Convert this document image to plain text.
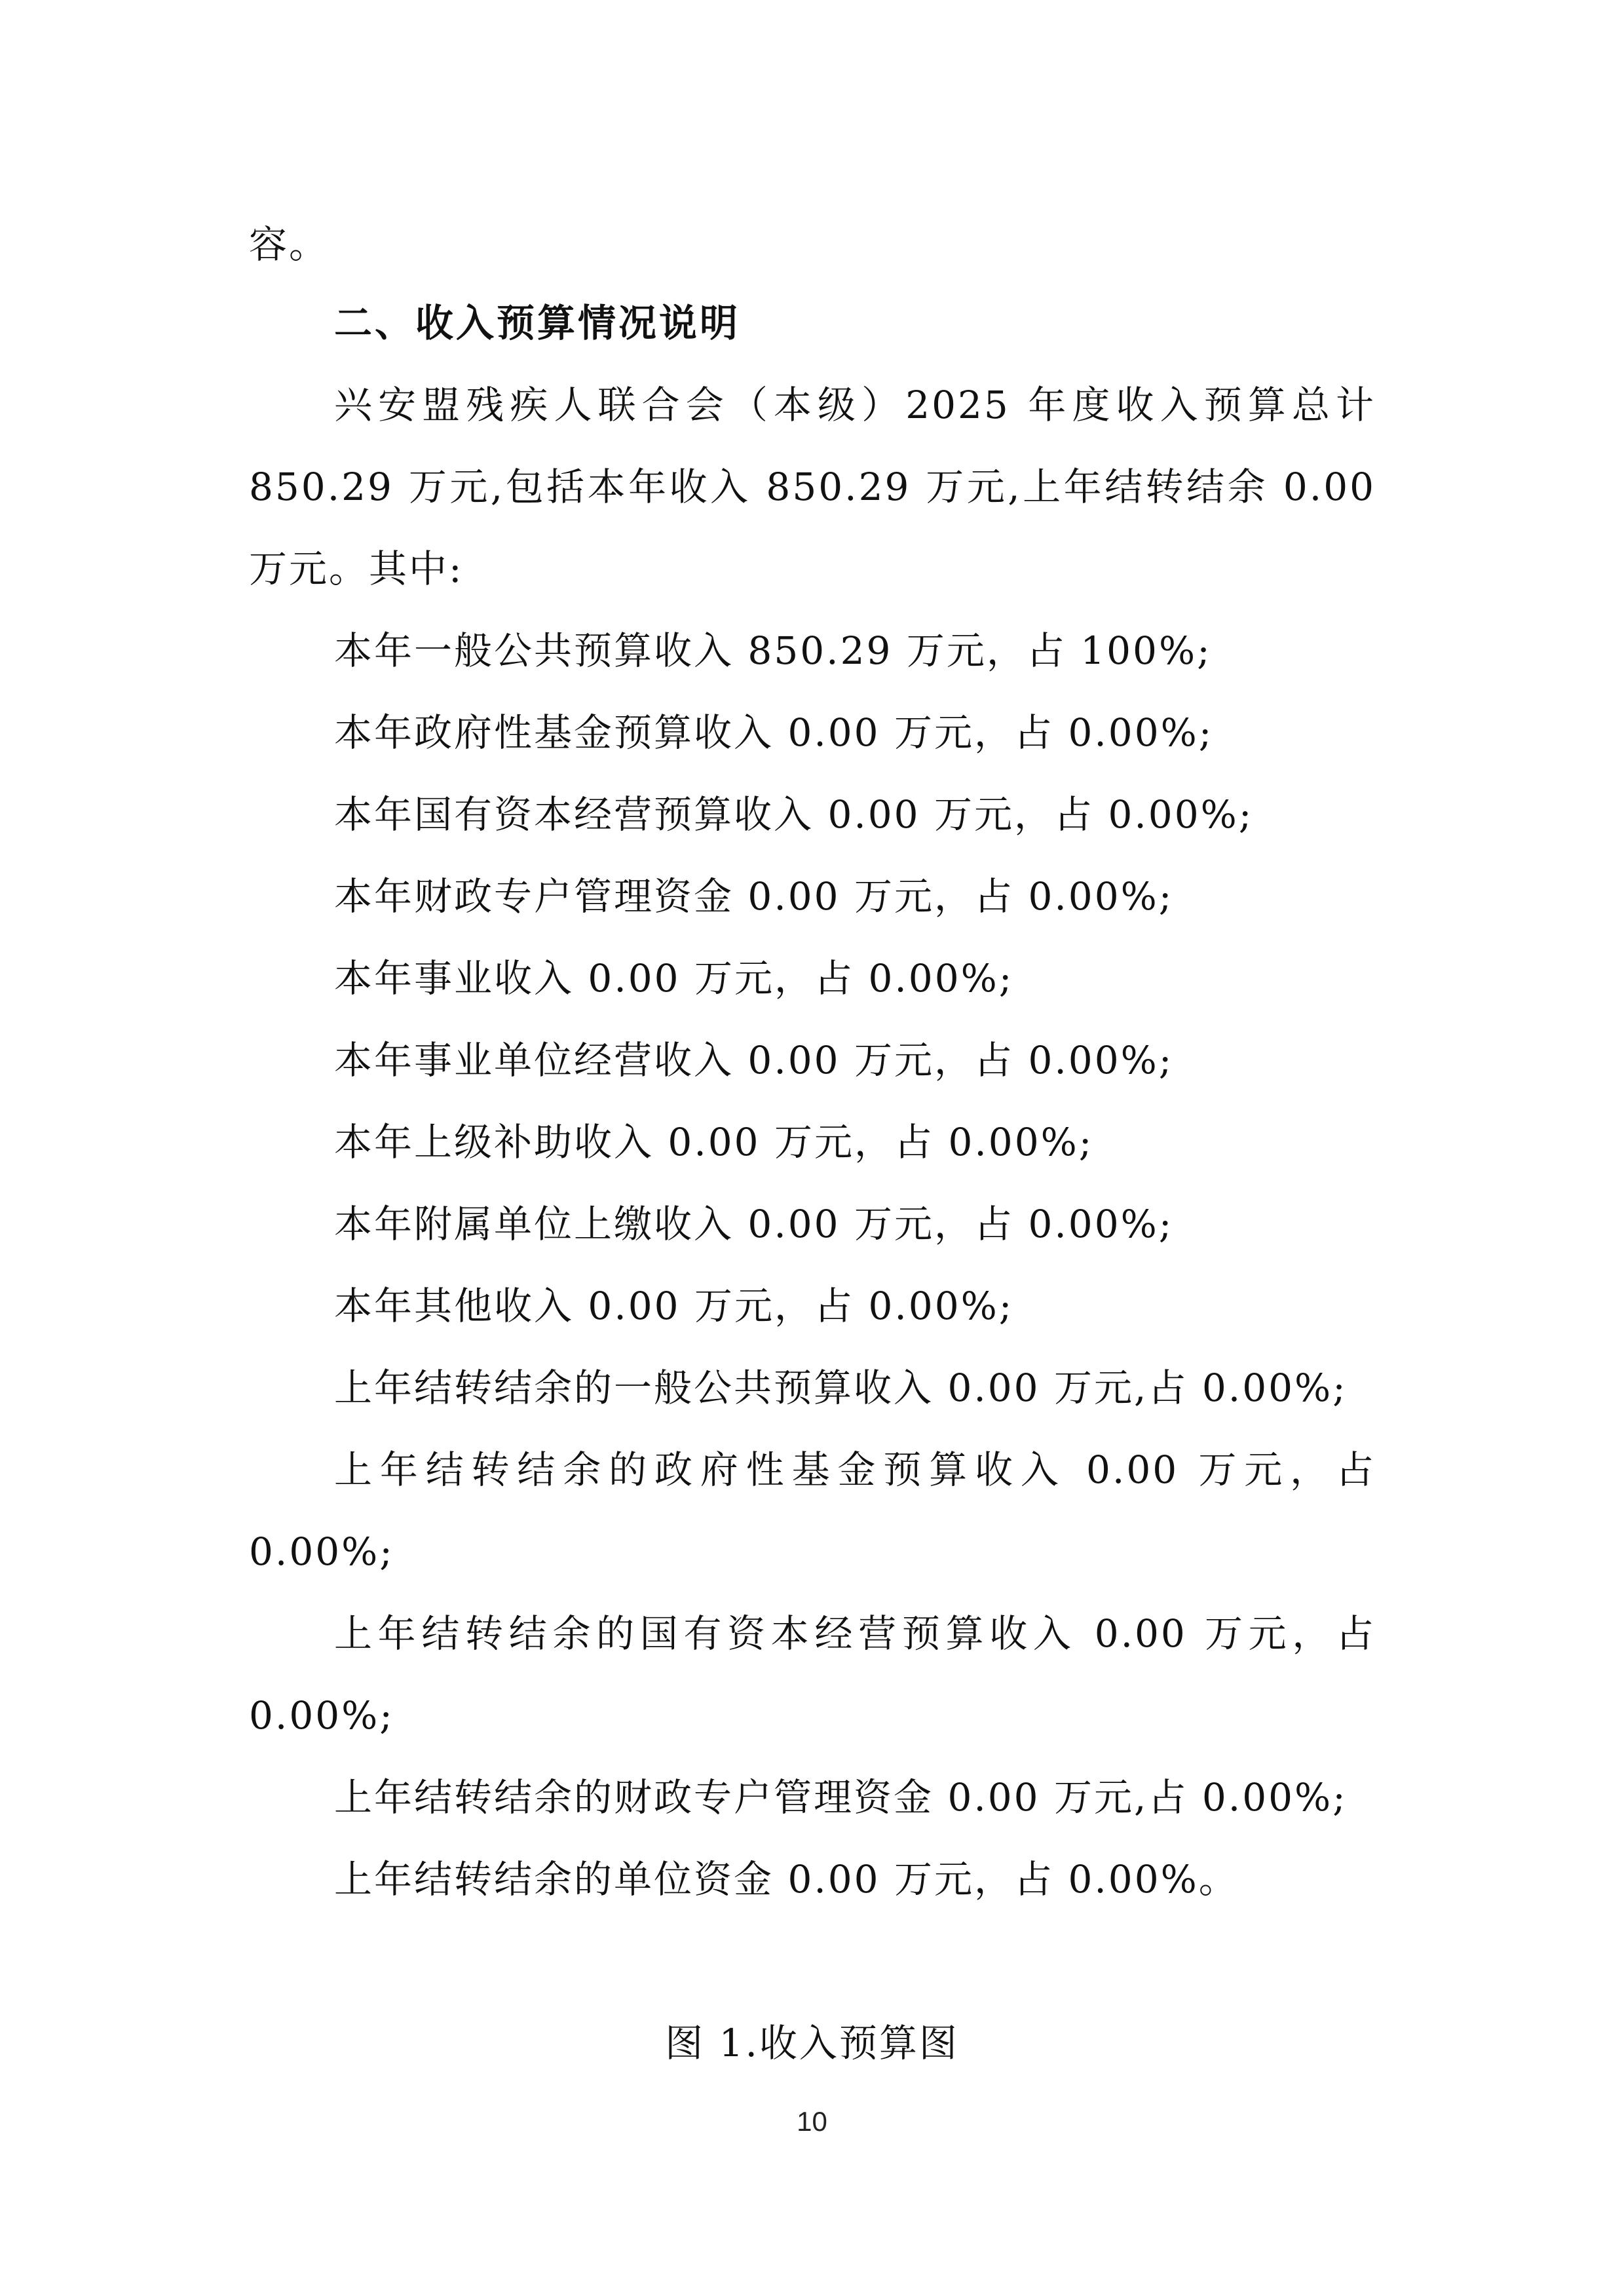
容。
二、收入预算情况说明
兴安盟残疾人联合会（本级）2025 年度收入预算总计
850.29 万元,包括本年收入 850.29 万元,上年结转结余 0.00
万元。其中:
本年一般公共预算收入 850.29 万元，占 100%;
本年政府性基金预算收入 0.00 万元，占 0.00%;
本年国有资本经营预算收入 0.00 万元，占 0.00%;
本年财政专户管理资金 0.00 万元，占 0.00%;
本年事业收入 0.00 万元，占 0.00%;
本年事业单位经营收入 0.00 万元，占 0.00%;
本年上级补助收入 0.00 万元，占 0.00%;
本年附属单位上缴收入 0.00 万元，占 0.00%;
本年其他收入 0.00 万元，占 0.00%;
上年结转结余的一般公共预算收入 0.00 万元,占 0.00%;
上年结转结余的政府性基金预算收入 0.00 万元，占
0.00%;
上年结转结余的国有资本经营预算收入 0.00 万元，占
0.00%;
上年结转结余的财政专户管理资金 0.00 万元,占 0.00%;
上年结转结余的单位资金 0.00 万元，占 0.00%。
图 1.收入预算图
10
